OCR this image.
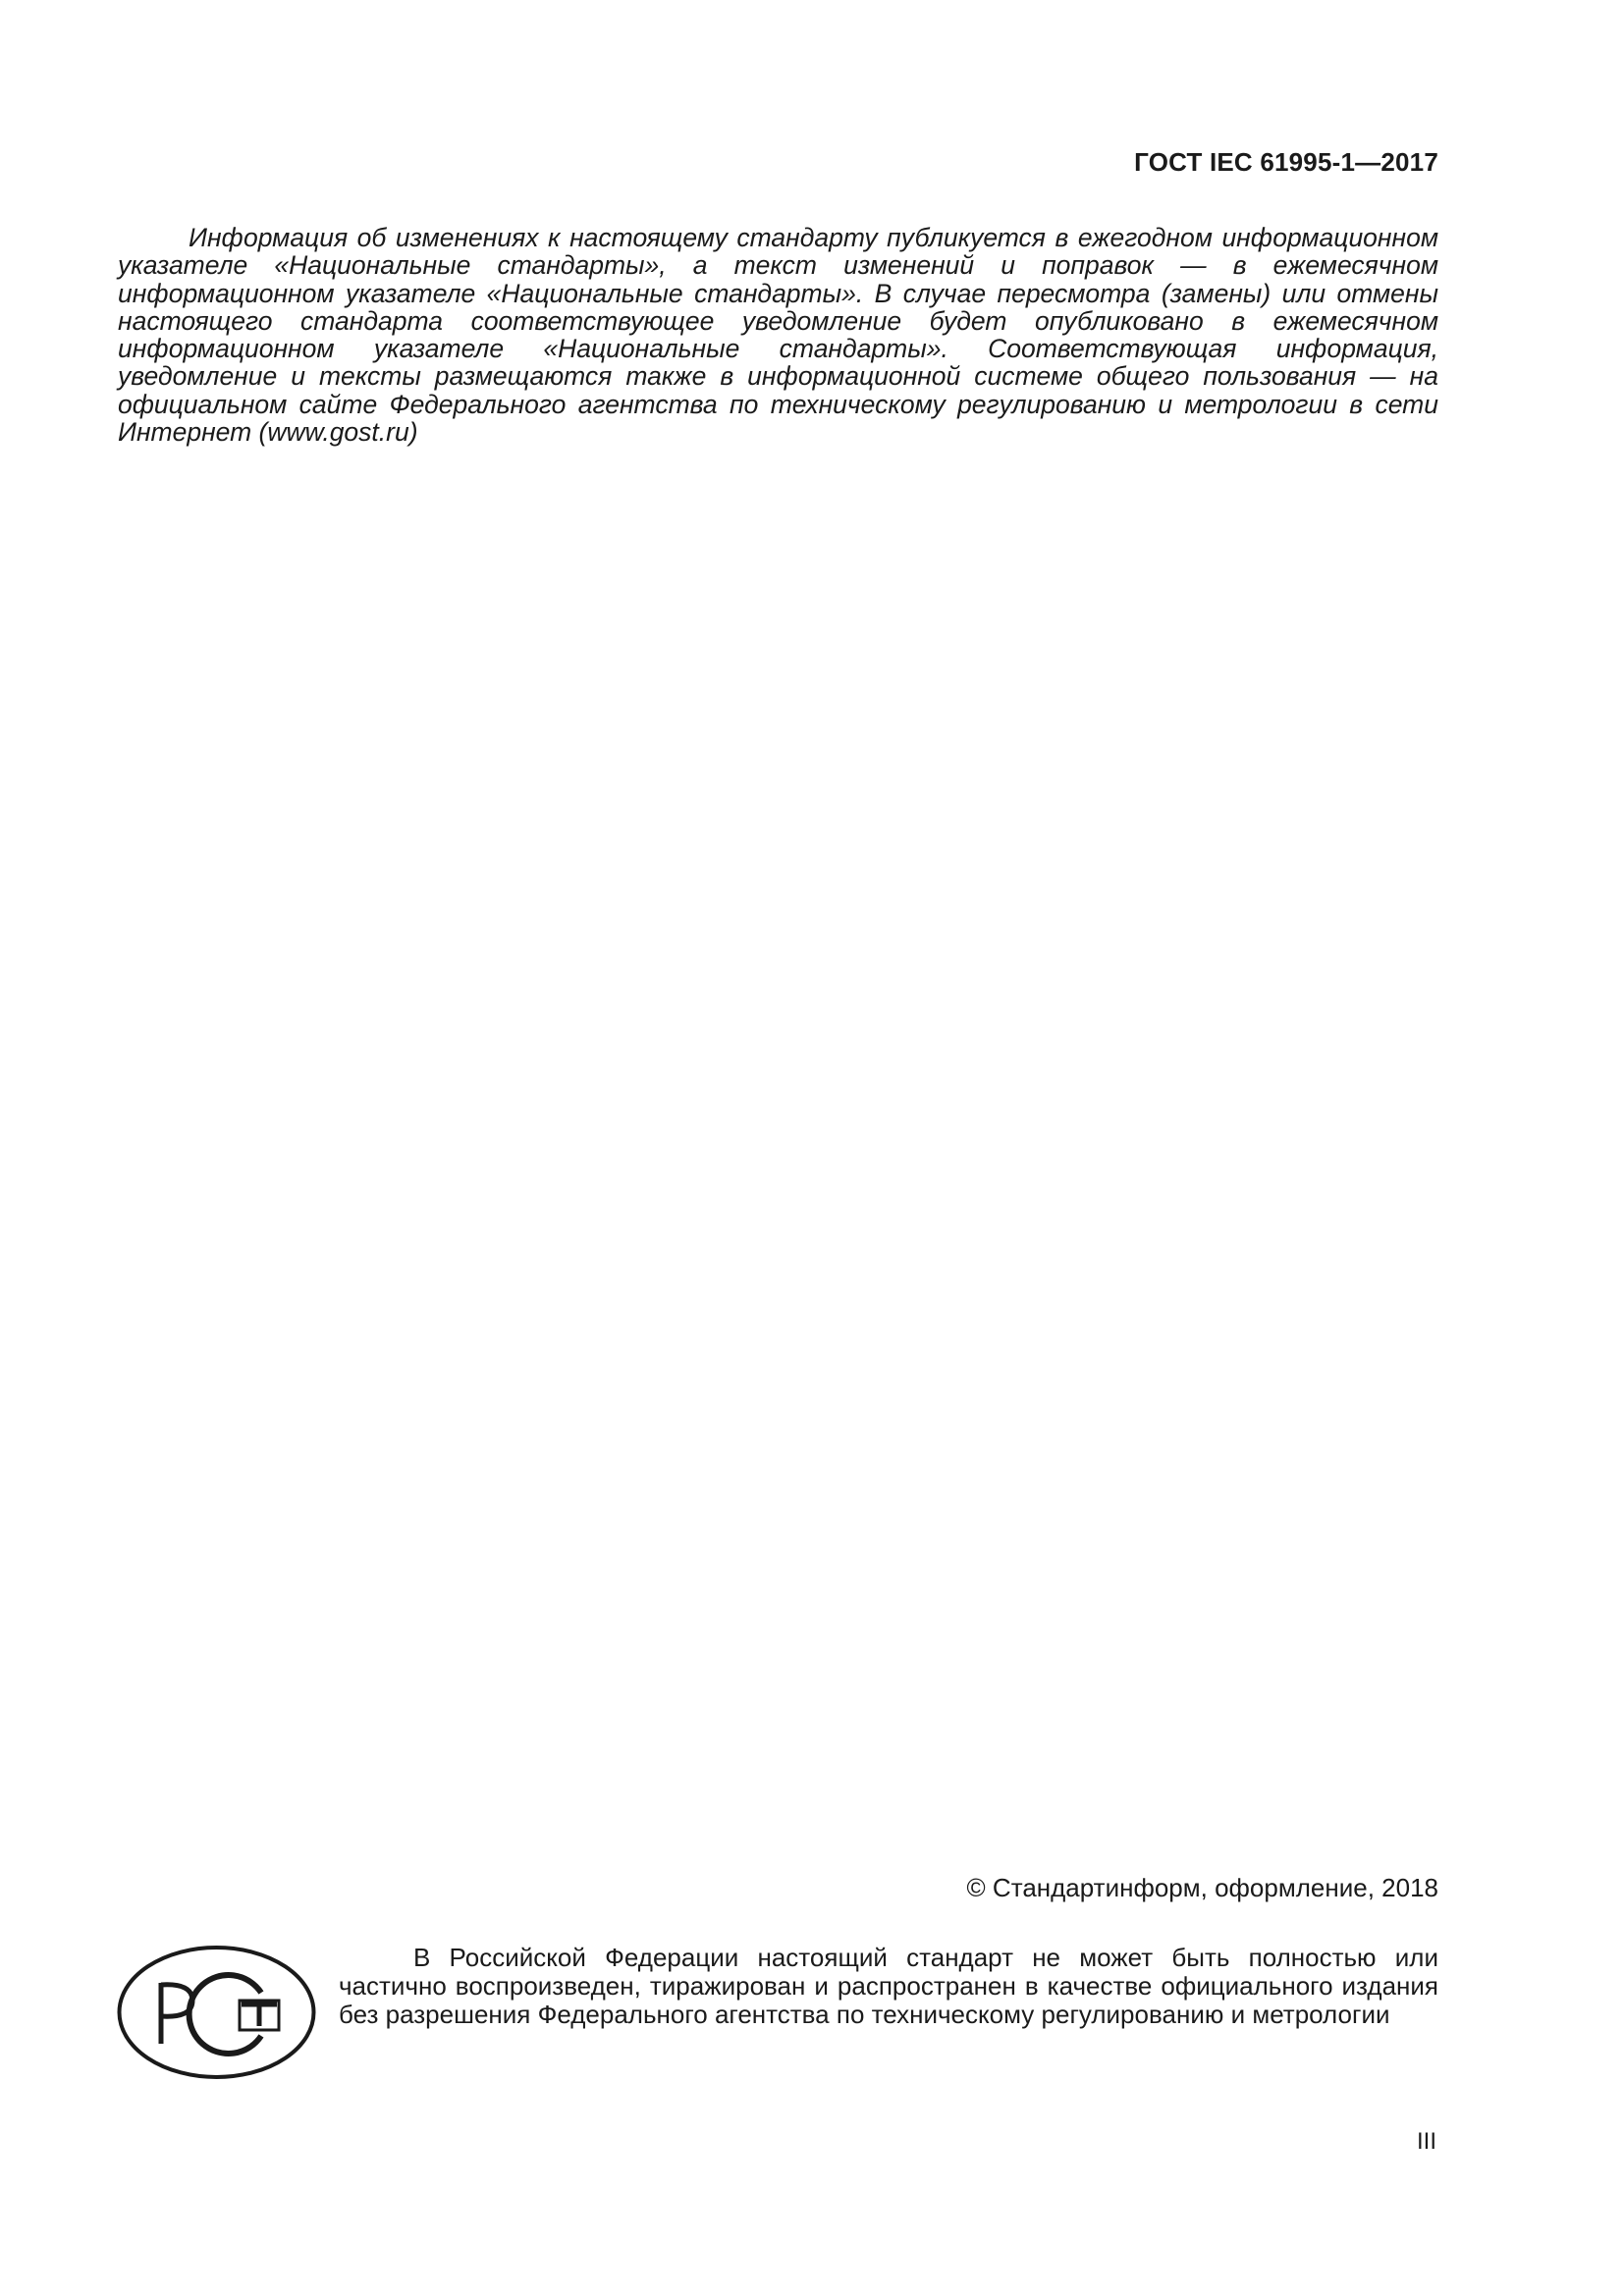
ГОСТ IEC 61995-1—2017

Информация об изменениях к настоящему стандарту публикуется в ежегодном информационном указателе «Национальные стандарты», а текст изменений и поправок — в ежемесячном информационном указателе «Национальные стандарты». В случае пересмотра (замены) или отмены настоящего стандарта соответствующее уведомление будет опубликовано в ежемесячном информационном указателе «Национальные стандарты». Соответствующая информация, уведомление и тексты размещаются также в информационной системе общего пользования — на официальном сайте Федерального агентства по техническому регулированию и метрологии в сети Интернет (www.gost.ru)

© Стандартинформ, оформление, 2018

В Российской Федерации настоящий стандарт не может быть полностью или частично воспроизведен, тиражирован и распространен в качестве официального издания без разрешения Федерального агентства по техническому регулированию и метрологии

III
